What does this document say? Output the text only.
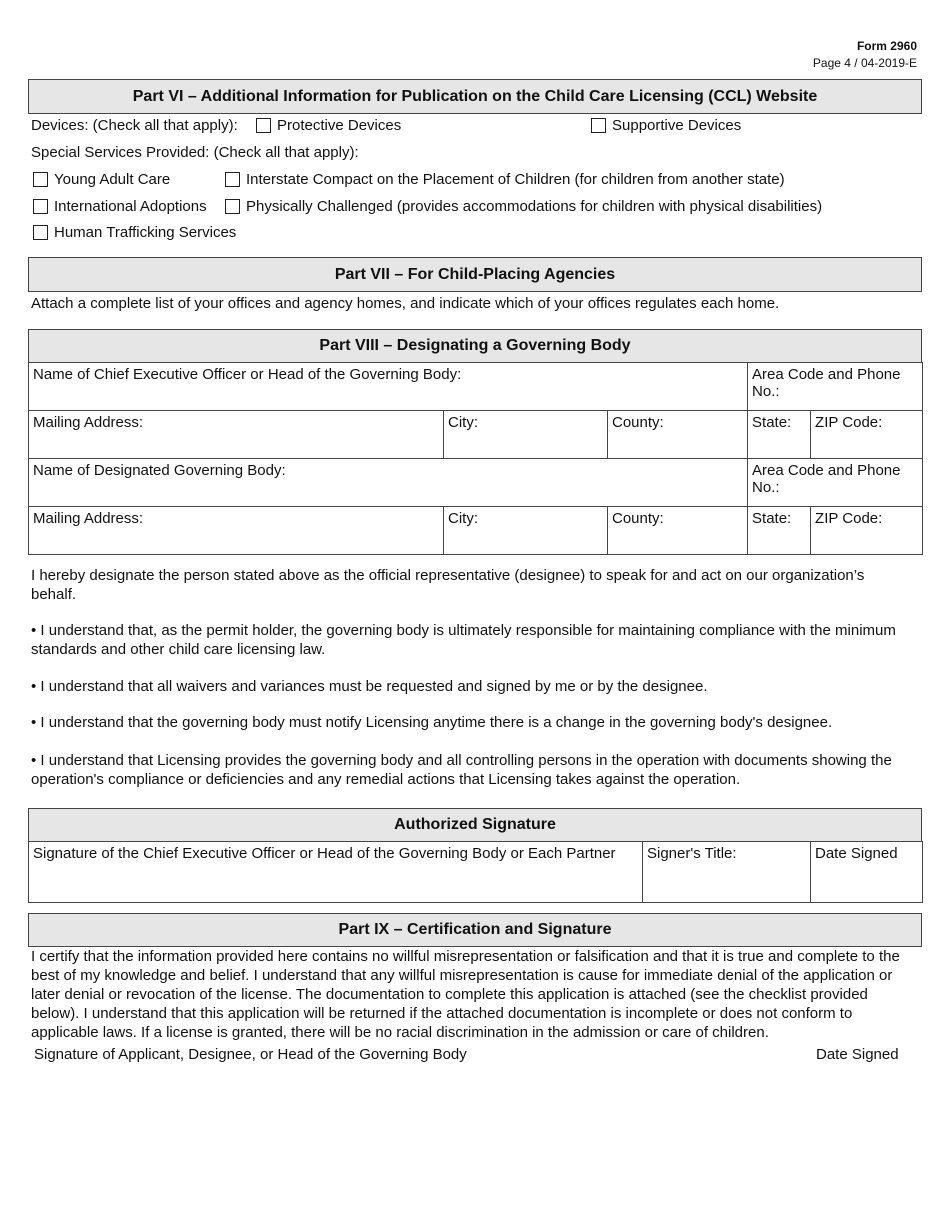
Form 2960
Page 4 / 04-2019-E
Part VI – Additional Information for Publication on the Child Care Licensing (CCL) Website
Devices: (Check all that apply):	Protective Devices	Supportive Devices
Special Services Provided: (Check all that apply):
Young Adult Care	Interstate Compact on the Placement of Children (for children from another state)
International Adoptions	Physically Challenged (provides accommodations for children with physical disabilities)
Human Trafficking Services
Part VII – For Child-Placing Agencies
Attach a complete list of your offices and agency homes, and indicate which of your offices regulates each home.
Part VIII – Designating a Governing Body
Name of Chief Executive Officer or Head of the Governing Body:			Area Code and Phone No.:	
Mailing Address:	City:	County:	State:	ZIP Code:
Name of Designated Governing Body:			Area Code and Phone No.:	
Mailing Address:	City:	County:	State:	ZIP Code:
I hereby designate the person stated above as the official representative (designee) to speak for and act on our organization’s behalf.
• I understand that, as the permit holder, the governing body is ultimately responsible for maintaining compliance with the minimum standards and other child care licensing law.
• I understand that all waivers and variances must be requested and signed by me or by the designee.
• I understand that the governing body must notify Licensing anytime there is a change in the governing body's designee.
• I understand that Licensing provides the governing body and all controlling persons in the operation with documents showing the operation's compliance or deficiencies and any remedial actions that Licensing takes against the operation.
Authorized Signature
Signature of the Chief Executive Officer or Head of the Governing Body or Each Partner	Signer's Title:	Date Signed
Part IX – Certification and Signature
I certify that the information provided here contains no willful misrepresentation or falsification and that it is true and complete to the best of my knowledge and belief. I understand that any willful misrepresentation is cause for immediate denial of the application or later denial or revocation of the license. The documentation to complete this application is attached (see the checklist provided below). I understand that this application will be returned if the attached documentation is incomplete or does not conform to applicable laws. If a license is granted, there will be no racial discrimination in the admission or care of children.
Signature of Applicant, Designee, or Head of the Governing Body	Date Signed
